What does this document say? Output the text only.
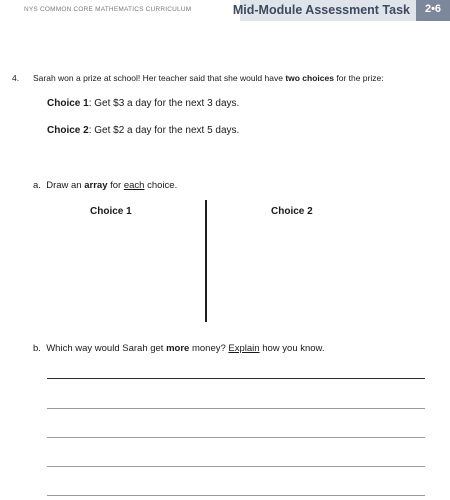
NYS COMMON CORE MATHEMATICS CURRICULUM	Mid-Module Assessment Task	2•6
4. Sarah won a prize at school! Her teacher said that she would have two choices for the prize:
Choice 1: Get $3 a day for the next 3 days.
Choice 2: Get $2 a day for the next 5 days.
a. Draw an array for each choice.
Choice 1	Choice 2
b. Which way would Sarah get more money? Explain how you know.
